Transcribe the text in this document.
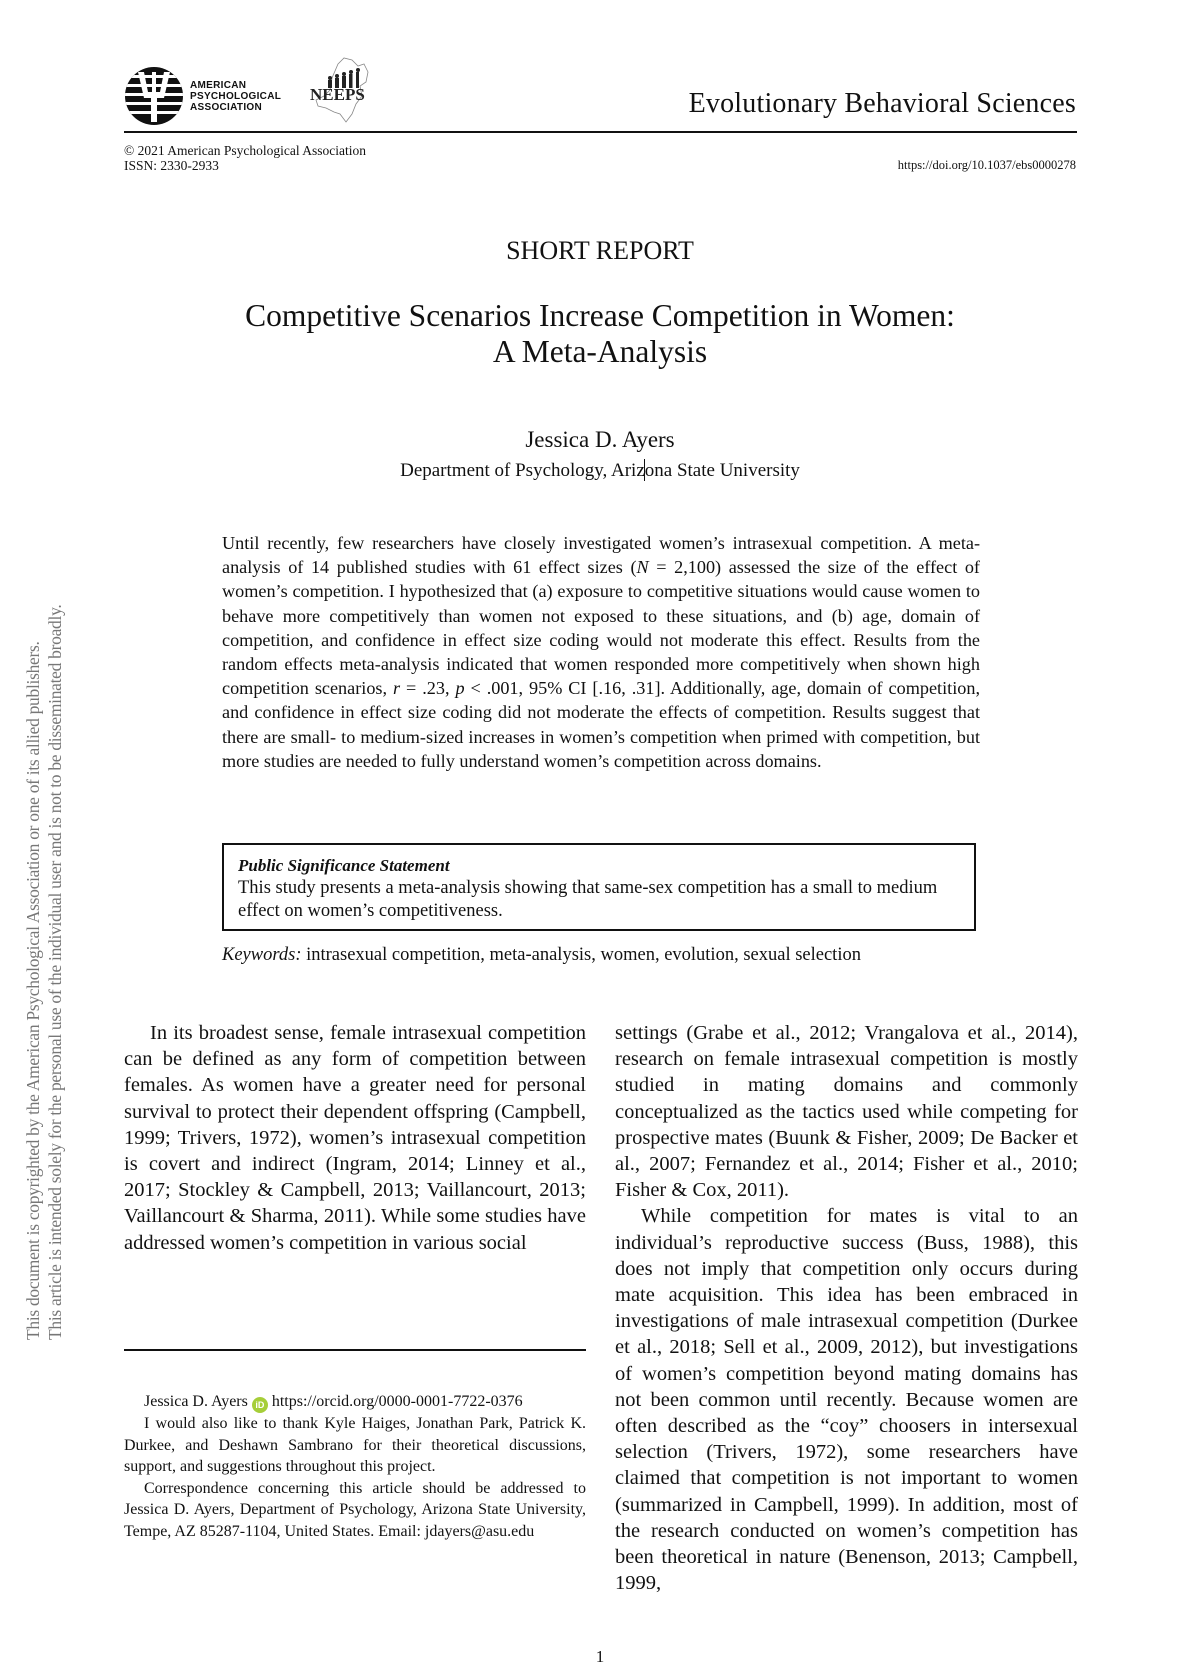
AMERICAN
PSYCHOLOGICAL
ASSOCIATION
NEEPS	Evolutionary Behavioral Sciences
© 2021 American Psychological Association
ISSN: 2330-2933	https://doi.org/10.1037/ebs0000278
SHORT REPORT
Competitive Scenarios Increase Competition in Women:
A Meta-Analysis
Jessica D. Ayers
Department of Psychology, Arizona State University

Until recently, few researchers have closely investigated women’s intrasexual competition. A meta-analysis of 14 published studies with 61 effect sizes (N = 2,100) assessed the size of the effect of women’s competition. I hypothesized that (a) exposure to competitive situations would cause women to behave more competitively than women not exposed to these situations, and (b) age, domain of competition, and confidence in effect size coding would not moderate this effect. Results from the random effects meta-analysis indicated that women responded more competitively when shown high competition scenarios, r = .23, p < .001, 95% CI [.16, .31]. Additionally, age, domain of competition, and confidence in effect size coding did not moderate the effects of competition. Results suggest that there are small- to medium-sized increases in women’s competition when primed with competition, but more studies are needed to fully understand women’s competition across domains.

Public Significance Statement
This study presents a meta-analysis showing that same-sex competition has a small to medium effect on women’s competitiveness.
Keywords: intrasexual competition, meta-analysis, women, evolution, sexual selection

In its broadest sense, female intrasexual competition can be defined as any form of competition between females. As women have a greater need for personal survival to protect their dependent offspring (Campbell, 1999; Trivers, 1972), women’s intrasexual competition is covert and indirect (Ingram, 2014; Linney et al., 2017; Stockley & Campbell, 2013; Vaillancourt, 2013; Vaillancourt & Sharma, 2011). While some studies have addressed women’s competition in various social

settings (Grabe et al., 2012; Vrangalova et al., 2014), research on female intrasexual competition is mostly studied in mating domains and commonly conceptualized as the tactics used while competing for prospective mates (Buunk & Fisher, 2009; De Backer et al., 2007; Fernandez et al., 2014; Fisher et al., 2010; Fisher & Cox, 2011).

While competition for mates is vital to an individual’s reproductive success (Buss, 1988), this does not imply that competition only occurs during mate acquisition. This idea has been embraced in investigations of male intrasexual competition (Durkee et al., 2018; Sell et al., 2009, 2012), but investigations of women’s competition beyond mating domains has not been common until recently. Because women are often described as the “coy” choosers in intersexual selection (Trivers, 1972), some researchers have claimed that competition is not important to women (summarized in Campbell, 1999). In addition, most of the research conducted on women’s competition has been theoretical in nature (Benenson, 2013; Campbell, 1999,

Jessica D. Ayers iD https://orcid.org/0000-0001-7722-0376

I would also like to thank Kyle Haiges, Jonathan Park, Patrick K. Durkee, and Deshawn Sambrano for their theoretical discussions, support, and suggestions throughout this project.

Correspondence concerning this article should be addressed to Jessica D. Ayers, Department of Psychology, Arizona State University, Tempe, AZ 85287-1104, United States. Email: jdayers@asu.edu

1
This document is copyrighted by the American Psychological Association or one of its allied publishers. This article is intended solely for the personal use of the individual user and is not to be disseminated broadly.
